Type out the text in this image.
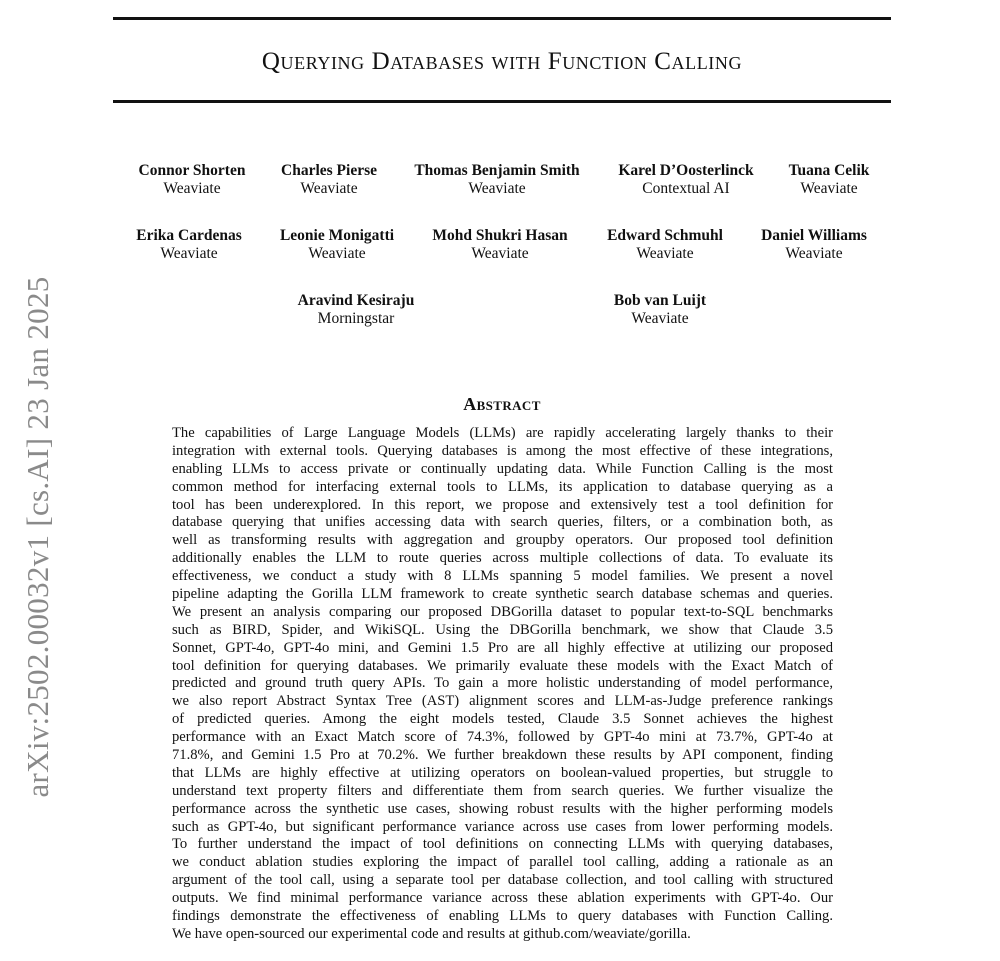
Querying Databases with Function Calling
arXiv:2502.00032v1 [cs.AI] 23 Jan 2025
Connor Shorten
Weaviate
Charles Pierse
Weaviate
Thomas Benjamin Smith
Weaviate
Karel D’Oosterlinck
Contextual AI
Tuana Celik
Weaviate
Erika Cardenas
Weaviate
Leonie Monigatti
Weaviate
Mohd Shukri Hasan
Weaviate
Edward Schmuhl
Weaviate
Daniel Williams
Weaviate
Aravind Kesiraju
Morningstar
Bob van Luijt
Weaviate
Abstract
The capabilities of Large Language Models (LLMs) are rapidly accelerating largely thanks to their
integration with external tools. Querying databases is among the most effective of these integrations,
enabling LLMs to access private or continually updating data. While Function Calling is the most
common method for interfacing external tools to LLMs, its application to database querying as a
tool has been underexplored. In this report, we propose and extensively test a tool definition for
database querying that unifies accessing data with search queries, filters, or a combination both, as
well as transforming results with aggregation and groupby operators. Our proposed tool definition
additionally enables the LLM to route queries across multiple collections of data. To evaluate its
effectiveness, we conduct a study with 8 LLMs spanning 5 model families. We present a novel
pipeline adapting the Gorilla LLM framework to create synthetic search database schemas and queries.
We present an analysis comparing our proposed DBGorilla dataset to popular text-to-SQL benchmarks
such as BIRD, Spider, and WikiSQL. Using the DBGorilla benchmark, we show that Claude 3.5
Sonnet, GPT-4o, GPT-4o mini, and Gemini 1.5 Pro are all highly effective at utilizing our proposed
tool definition for querying databases. We primarily evaluate these models with the Exact Match of
predicted and ground truth query APIs. To gain a more holistic understanding of model performance,
we also report Abstract Syntax Tree (AST) alignment scores and LLM-as-Judge preference rankings
of predicted queries. Among the eight models tested, Claude 3.5 Sonnet achieves the highest
performance with an Exact Match score of 74.3%, followed by GPT-4o mini at 73.7%, GPT-4o at
71.8%, and Gemini 1.5 Pro at 70.2%. We further breakdown these results by API component, finding
that LLMs are highly effective at utilizing operators on boolean-valued properties, but struggle to
understand text property filters and differentiate them from search queries. We further visualize the
performance across the synthetic use cases, showing robust results with the higher performing models
such as GPT-4o, but significant performance variance across use cases from lower performing models.
To further understand the impact of tool definitions on connecting LLMs with querying databases,
we conduct ablation studies exploring the impact of parallel tool calling, adding a rationale as an
argument of the tool call, using a separate tool per database collection, and tool calling with structured
outputs. We find minimal performance variance across these ablation experiments with GPT-4o. Our
findings demonstrate the effectiveness of enabling LLMs to query databases with Function Calling.
We have open-sourced our experimental code and results at github.com/weaviate/gorilla.
